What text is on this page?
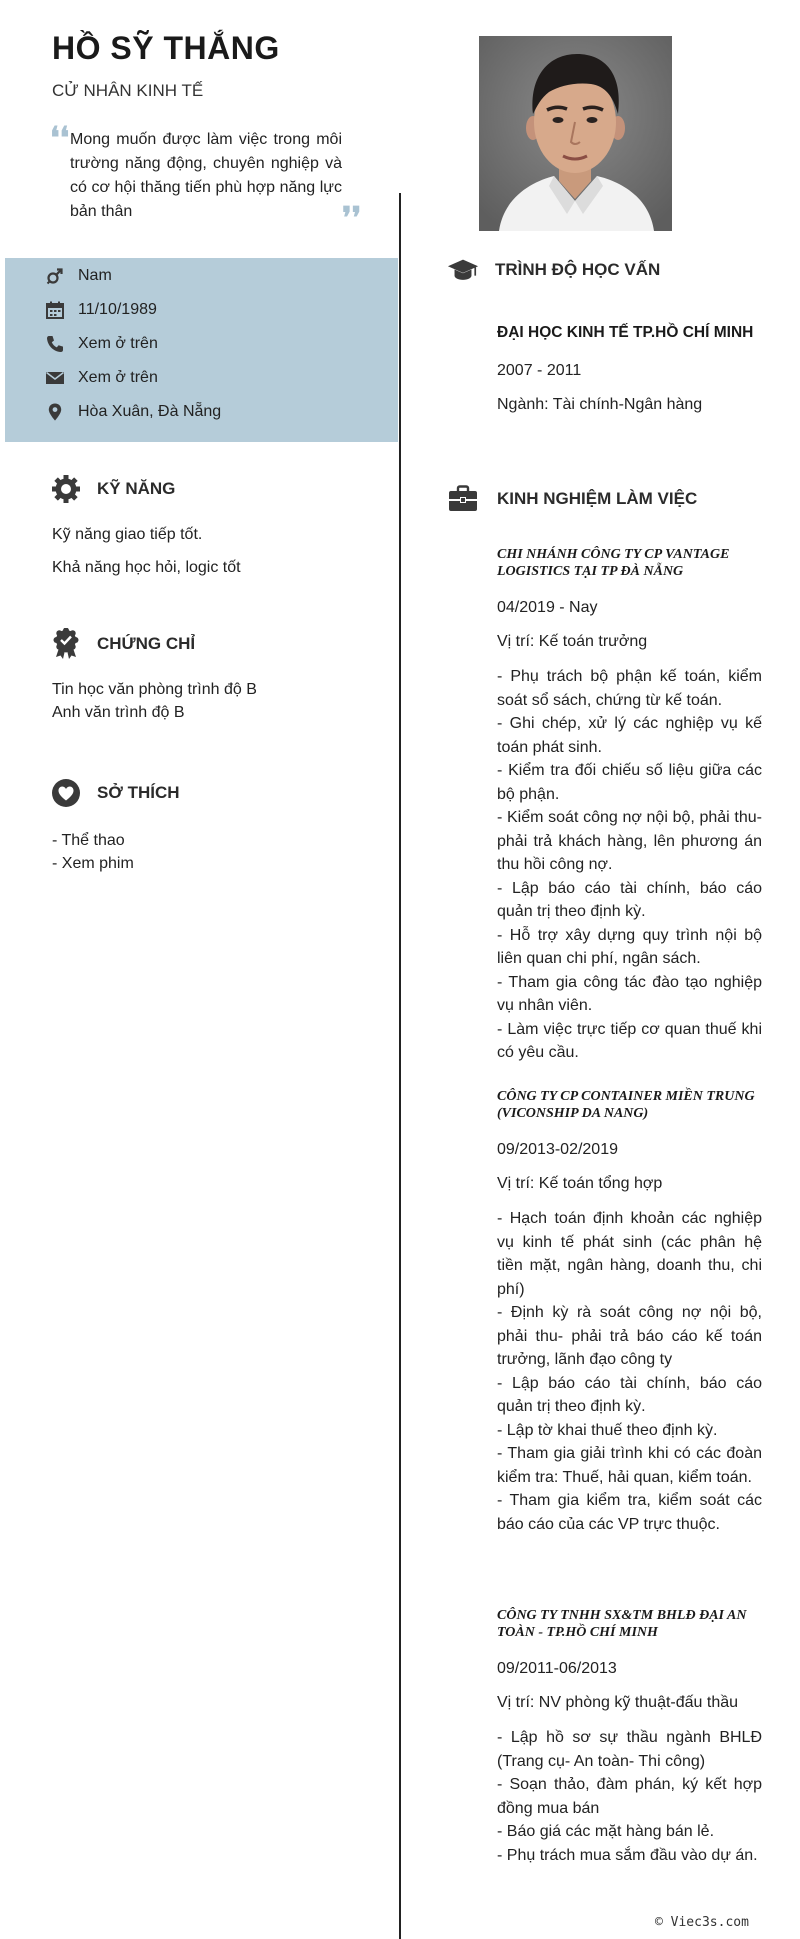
HỒ SỸ THẮNG
CỬ NHÂN KINH TẾ
❛❛ Mong muốn được làm việc trong môi trường năng động, chuyên nghiệp và có cơ hội thăng tiến phù hợp năng lực bản thân	❜❜
Nam
11/10/1989
Xem ở trên
Xem ở trên
Hòa Xuân, Đà Nẵng
KỸ NĂNG
Kỹ năng giao tiếp tốt.
Khả năng học hỏi, logic tốt
CHỨNG CHỈ
Tin học văn phòng trình độ B
Anh văn trình độ B
SỞ THÍCH
- Thể thao
- Xem phim
TRÌNH ĐỘ HỌC VẤN
ĐẠI HỌC KINH TẾ TP.HỒ CHÍ MINH
2007 - 2011
Ngành: Tài chính-Ngân hàng
KINH NGHIỆM LÀM VIỆC
CHI NHÁNH CÔNG TY CP VANTAGE LOGISTICS TẠI TP ĐÀ NẴNG
04/2019 - Nay
Vị trí: Kế toán trưởng
- Phụ trách bộ phận kế toán, kiểm soát sổ sách, chứng từ kế toán.
- Ghi chép, xử lý các nghiệp vụ kế toán phát sinh.
- Kiểm tra đối chiếu số liệu giữa các bộ phận.
- Kiểm soát công nợ nội bộ, phải thu- phải trả khách hàng, lên phương án thu hồi công nợ.
- Lập báo cáo tài chính, báo cáo quản trị theo định kỳ.
- Hỗ trợ xây dựng quy trình nội bộ liên quan chi phí, ngân sách.
- Tham gia công tác đào tạo nghiệp vụ nhân viên.
- Làm việc trực tiếp cơ quan thuế khi có yêu cầu.
CÔNG TY CP CONTAINER MIỀN TRUNG (VICONSHIP DA NANG)
09/2013-02/2019
Vị trí: Kế toán tổng hợp
- Hạch toán định khoản các nghiệp vụ kinh tế phát sinh (các phân hệ tiền mặt, ngân hàng, doanh thu, chi phí)
- Định kỳ rà soát công nợ nội bộ, phải thu- phải trả báo cáo kế toán trưởng, lãnh đạo công ty
- Lập báo cáo tài chính, báo cáo quản trị theo định kỳ.
- Lập tờ khai thuế theo định kỳ.
- Tham gia giải trình khi có các đoàn kiểm tra: Thuế, hải quan, kiểm toán.
- Tham gia kiểm tra, kiểm soát các báo cáo của các VP trực thuộc.
CÔNG TY TNHH SX&TM BHLĐ ĐẠI AN TOÀN - TP.HỒ CHÍ MINH
09/2011-06/2013
Vị trí: NV phòng kỹ thuật-đấu thầu
- Lập hồ sơ sự thầu ngành BHLĐ (Trang cụ- An toàn- Thi công)
- Soạn thảo, đàm phán, ký kết hợp đồng mua bán
- Báo giá các mặt hàng bán lẻ.
- Phụ trách mua sắm đầu vào dự án.
© Viec3s.com
